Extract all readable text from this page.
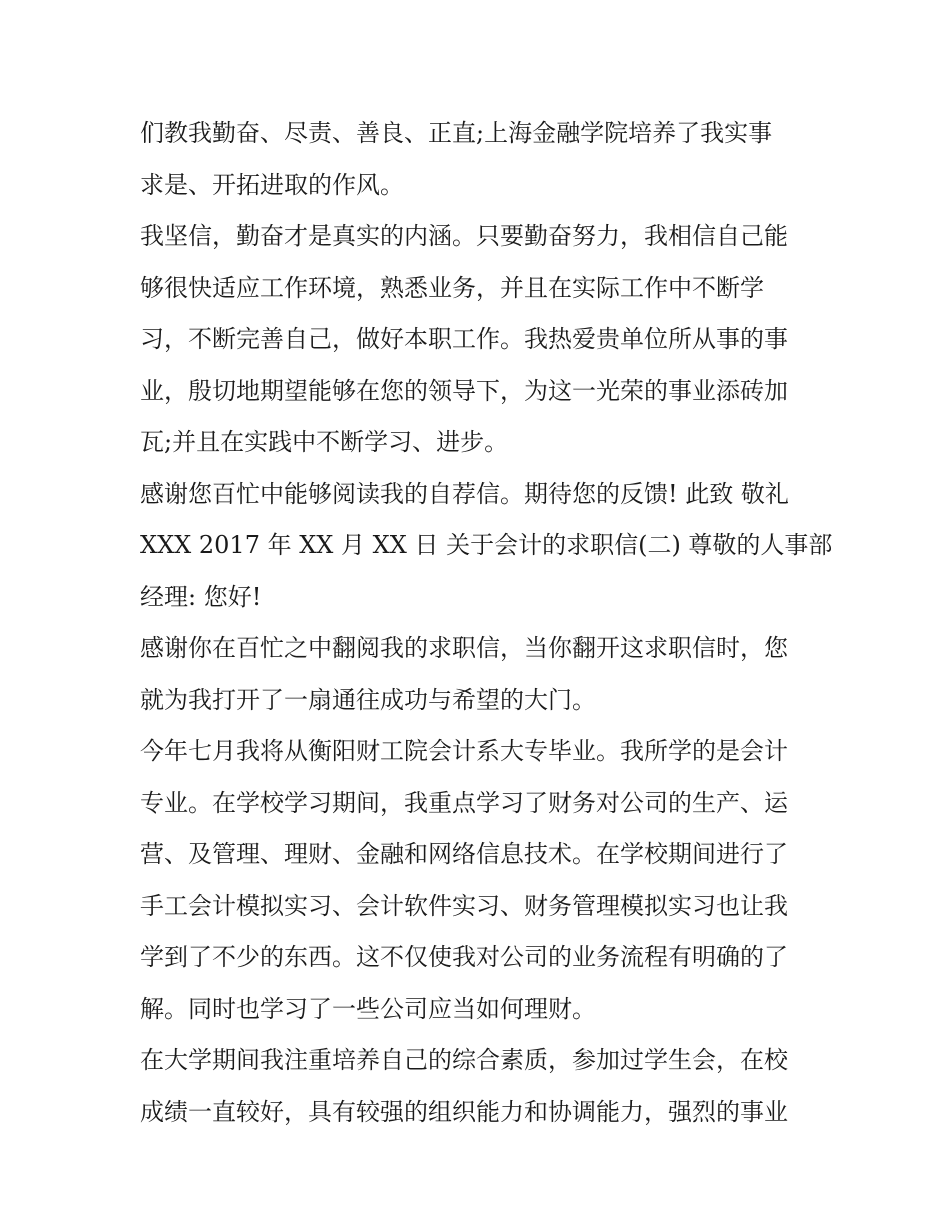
们教我勤奋、尽责、善良、正直;上海金融学院培养了我实事
求是、开拓进取的作风。
我坚信，勤奋才是真实的内涵。只要勤奋努力，我相信自己能
够很快适应工作环境，熟悉业务，并且在实际工作中不断学
习，不断完善自己，做好本职工作。我热爱贵单位所从事的事
业，殷切地期望能够在您的领导下，为这一光荣的事业添砖加
瓦;并且在实践中不断学习、进步。
感谢您百忙中能够阅读我的自荐信。期待您的反馈! 此致 敬礼
XXX 2017 年 XX 月 XX 日 关于会计的求职信(二) 尊敬的人事部
经理: 您好!
感谢你在百忙之中翻阅我的求职信，当你翻开这求职信时，您
就为我打开了一扇通往成功与希望的大门。
今年七月我将从衡阳财工院会计系大专毕业。我所学的是会计
专业。在学校学习期间，我重点学习了财务对公司的生产、运
营、及管理、理财、金融和网络信息技术。在学校期间进行了
手工会计模拟实习、会计软件实习、财务管理模拟实习也让我
学到了不少的东西。这不仅使我对公司的业务流程有明确的了
解。同时也学习了一些公司应当如何理财。
在大学期间我注重培养自己的综合素质，参加过学生会，在校
成绩一直较好，具有较强的组织能力和协调能力，强烈的事业
